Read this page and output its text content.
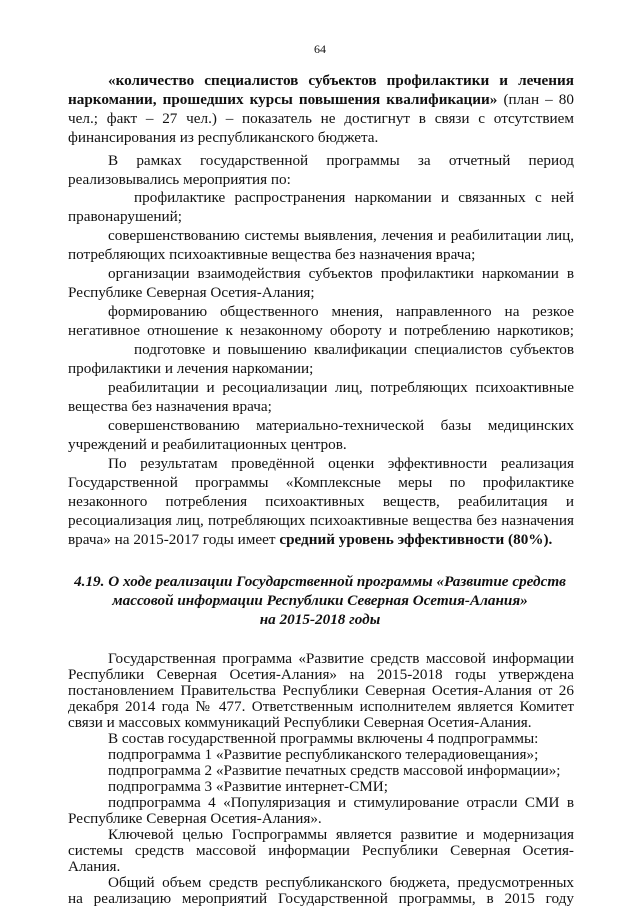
64
«количество специалистов субъектов профилактики и лечения
наркомании, прошедших курсы повышения квалификации» (план – 80
чел.; факт – 27 чел.) – показатель не достигнут в связи с отсутствием
финансирования из республиканского бюджета.
В рамках государственной программы за отчетный период
реализовывались мероприятия по:
профилактике распространения наркомании и связанных с ней
правонарушений;
совершенствованию системы выявления, лечения и реабилитации лиц,
потребляющих психоактивные вещества без назначения врача;
организации взаимодействия субъектов профилактики наркомании в
Республике Северная Осетия-Алания;
формированию общественного мнения, направленного на резкое
негативное отношение к незаконному обороту и потреблению наркотиков;
подготовке и повышению квалификации специалистов субъектов
профилактики и лечения наркомании;
реабилитации и ресоциализации лиц, потребляющих психоактивные
вещества без назначения врача;
совершенствованию материально-технической базы медицинских
учреждений и реабилитационных центров.
По результатам проведённой оценки эффективности реализация
Государственной программы «Комплексные меры по профилактике
незаконного потребления психоактивных веществ, реабилитация и
ресоциализация лиц, потребляющих психоактивные вещества без назначения
врача» на 2015-2017 годы имеет средний уровень эффективности (80%).
4.19. О ходе реализации Государственной программы «Развитие средств
массовой информации Республики Северная Осетия-Алания»
на 2015-2018 годы
Государственная программа «Развитие средств массовой информации
Республики Северная Осетия-Алания» на 2015-2018 годы утверждена
постановлением Правительства Республики Северная Осетия-Алания от 26
декабря 2014 года № 477. Ответственным исполнителем является Комитет
связи и массовых коммуникаций Республики Северная Осетия-Алания.
В состав государственной программы включены 4 подпрограммы:
подпрограмма 1 «Развитие республиканского телерадиовещания»;
подпрограмма 2 «Развитие печатных средств массовой информации»;
подпрограмма 3 «Развитие интернет-СМИ;
подпрограмма 4 «Популяризация и стимулирование отрасли СМИ в
Республике Северная Осетия-Алания».
Ключевой целью Госпрограммы является развитие и модернизация
системы средств массовой информации Республики Северная Осетия-
Алания.
Общий объем средств республиканского бюджета, предусмотренных
на реализацию мероприятий Государственной программы, в 2015 году
